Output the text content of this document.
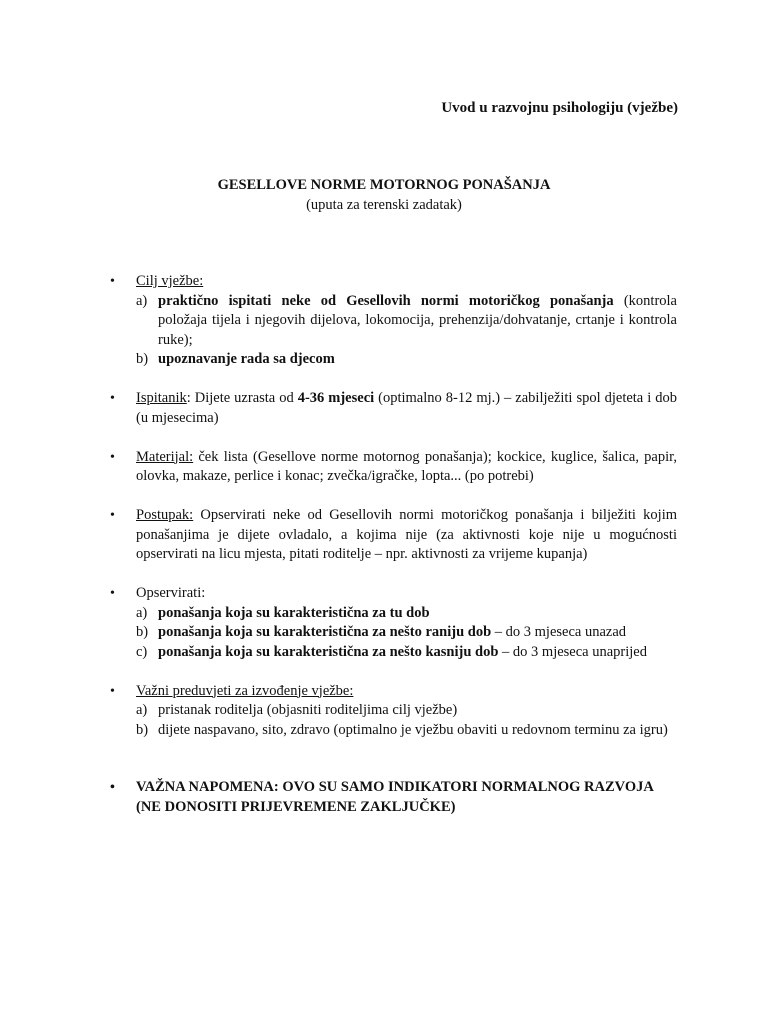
Uvod u razvojnu psihologiju (vježbe)
GESELLOVE NORME MOTORNOG PONAŠANJA
(uputa za terenski zadatak)
• Cilj vježbe:
a) praktično ispitati neke od Gesellovih normi motoričkog ponašanja (kontrola položaja tijela i njegovih dijelova, lokomocija, prehenzija/dohvatanje, crtanje i kontrola ruke);
b) upoznavanje rada sa djecom
• Ispitanik: Dijete uzrasta od 4-36 mjeseci (optimalno 8-12 mj.) – zabilježiti spol djeteta i dob (u mjesecima)
• Materijal: ček lista (Gesellove norme motornog ponašanja); kockice, kuglice, šalica, papir, olovka, makaze, perlice i konac; zvečka/igračke, lopta... (po potrebi)
• Postupak: Opservirati neke od Gesellovih normi motoričkog ponašanja i bilježiti kojim ponašanjima je dijete ovladalo, a kojima nije (za aktivnosti koje nije u mogućnosti opservirati na licu mjesta, pitati roditelje – npr. aktivnosti za vrijeme kupanja)
• Opservirati:
a) ponašanja koja su karakteristična za tu dob
b) ponašanja koja su karakteristična za nešto raniju dob – do 3 mjeseca unazad
c) ponašanja koja su karakteristična za nešto kasniju dob – do 3 mjeseca unaprijed
• Važni preduvjeti za izvođenje vježbe:
a) pristanak roditelja (objasniti roditeljima cilj vježbe)
b) dijete naspavano, sito, zdravo (optimalno je vježbu obaviti u redovnom terminu za igru)
• VAŽNA NAPOMENA: OVO SU SAMO INDIKATORI NORMALNOG RAZVOJA (NE DONOSITI PRIJEVREMENE ZAKLJUČKE)
